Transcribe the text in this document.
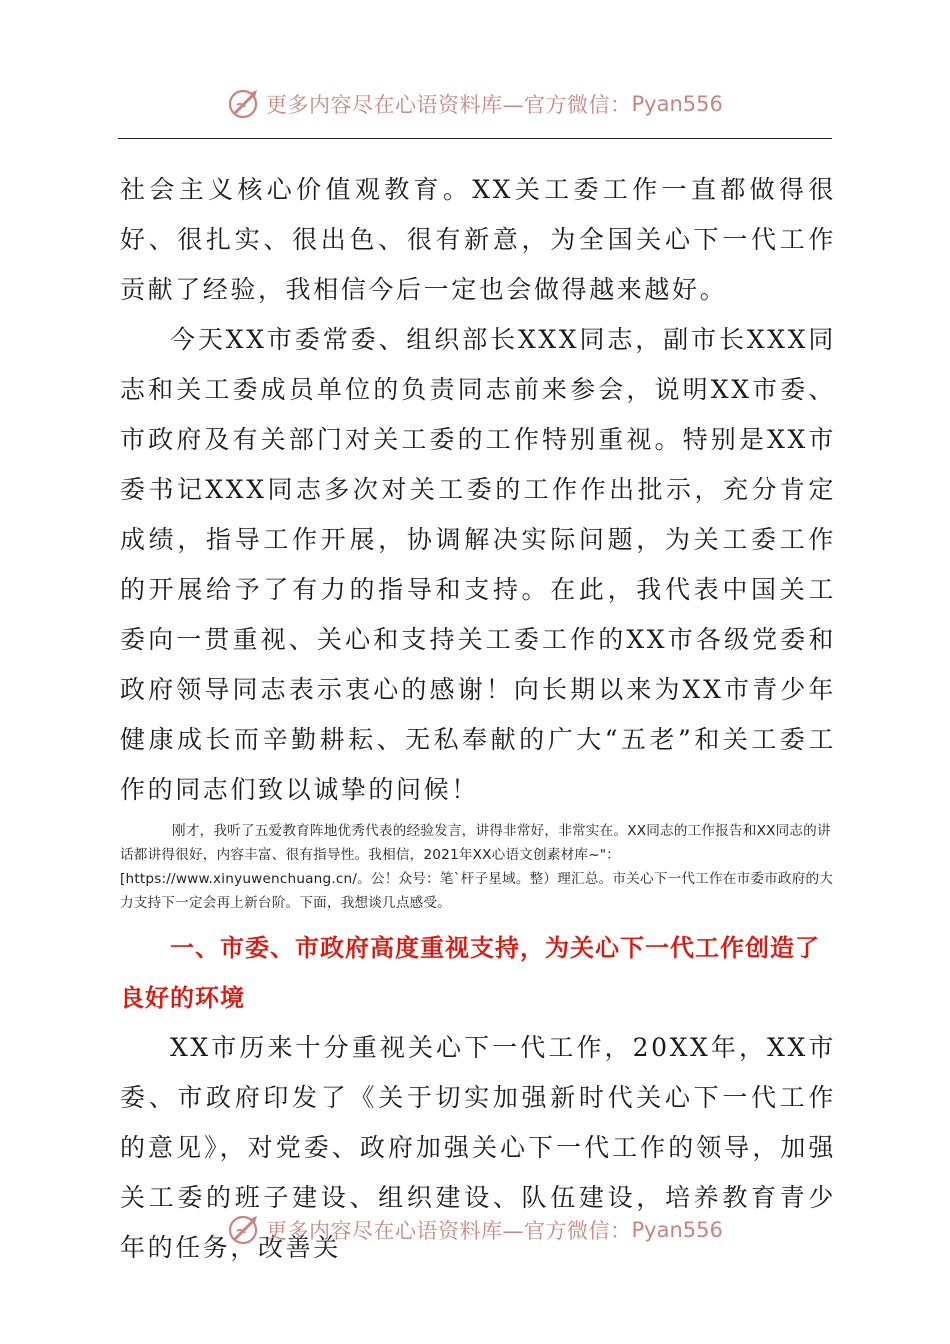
更多内容尽在心语资料库—官方微信： Pyan556

社会主义核心价值观教育。XX关工委工作一直都做得很好、很扎实、很出色、很有新意，为全国关心下一代工作贡献了经验，我相信今后一定也会做得越来越好。

今天XX市委常委、组织部长XXX同志，副市长XXX同志和关工委成员单位的负责同志前来参会，说明XX市委、市政府及有关部门对关工委的工作特别重视。特别是XX市委书记XXX同志多次对关工委的工作作出批示，充分肯定成绩，指导工作开展，协调解决实际问题，为关工委工作的开展给予了有力的指导和支持。在此，我代表中国关工委向一贯重视、关心和支持关工委工作的XX市各级党委和政府领导同志表示衷心的感谢！向长期以来为XX市青少年健康成长而辛勤耕耘、无私奉献的广大“五老”和关工委工作的同志们致以诚挚的问候！

刚才，我听了五爱教育阵地优秀代表的经验发言，讲得非常好，非常实在。XX同志的工作报告和XX同志的讲话都讲得很好，内容丰富、很有指导性。我相信，2021年XX心语文创素材库~"：[https://www.xinyuwenchuang.cn/。公！众号：笔`杆子星域。整）理汇总。市关心下一代工作在市委市政府的大力支持下一定会再上新台阶。下面，我想谈几点感受。

一、市委、市政府高度重视支持，为关心下一代工作创造了良好的环境

XX市历来十分重视关心下一代工作，20XX年，XX市委、市政府印发了《关于切实加强新时代关心下一代工作的意见》，对党委、政府加强关心下一代工作的领导，加强关工委的班子建设、组织建设、队伍建设，培养教育青少年的任务，改善关

更多内容尽在心语资料库—官方微信： Pyan556
